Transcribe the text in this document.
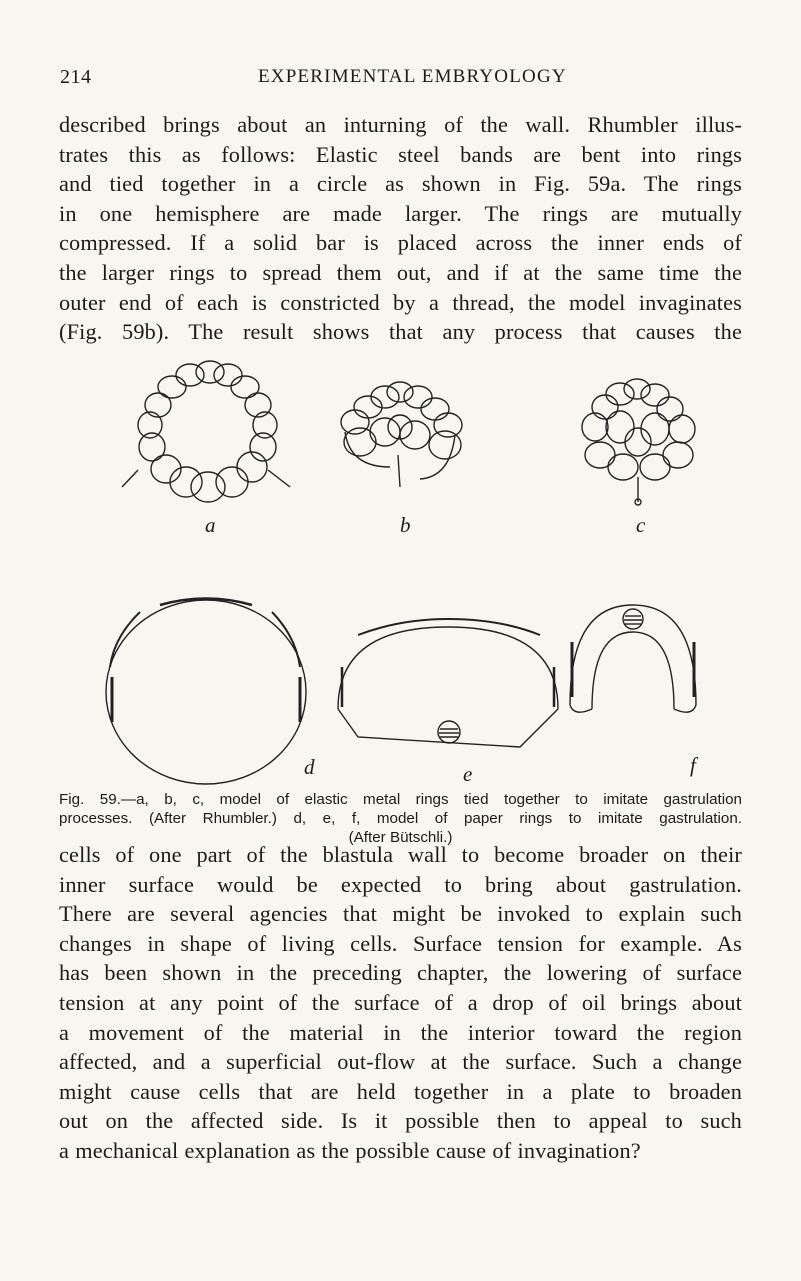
214	EXPERIMENTAL EMBRYOLOGY
described brings about an inturning of the wall. Rhumbler illus-
trates this as follows: Elastic steel bands are bent into rings
and tied together in a circle as shown in Fig. 59a. The rings
in one hemisphere are made larger. The rings are mutually
compressed. If a solid bar is placed across the inner ends of
the larger rings to spread them out, and if at the same time the
outer end of each is constricted by a thread, the model invaginates
(Fig. 59b). The result shows that any process that causes the
a	b	c
d	e	f
Fig. 59.—a, b, c, model of elastic metal rings tied together to imitate gastrulation
processes. (After Rhumbler.) d, e, f, model of paper rings to imitate gastrulation.
(After Bütschli.)
cells of one part of the blastula wall to become broader on their
inner surface would be expected to bring about gastrulation.
There are several agencies that might be invoked to explain such
changes in shape of living cells. Surface tension for example. As
has been shown in the preceding chapter, the lowering of surface
tension at any point of the surface of a drop of oil brings about
a movement of the material in the interior toward the region
affected, and a superficial out-flow at the surface. Such a change
might cause cells that are held together in a plate to broaden
out on the affected side. Is it possible then to appeal to such
a mechanical explanation as the possible cause of invagination?
